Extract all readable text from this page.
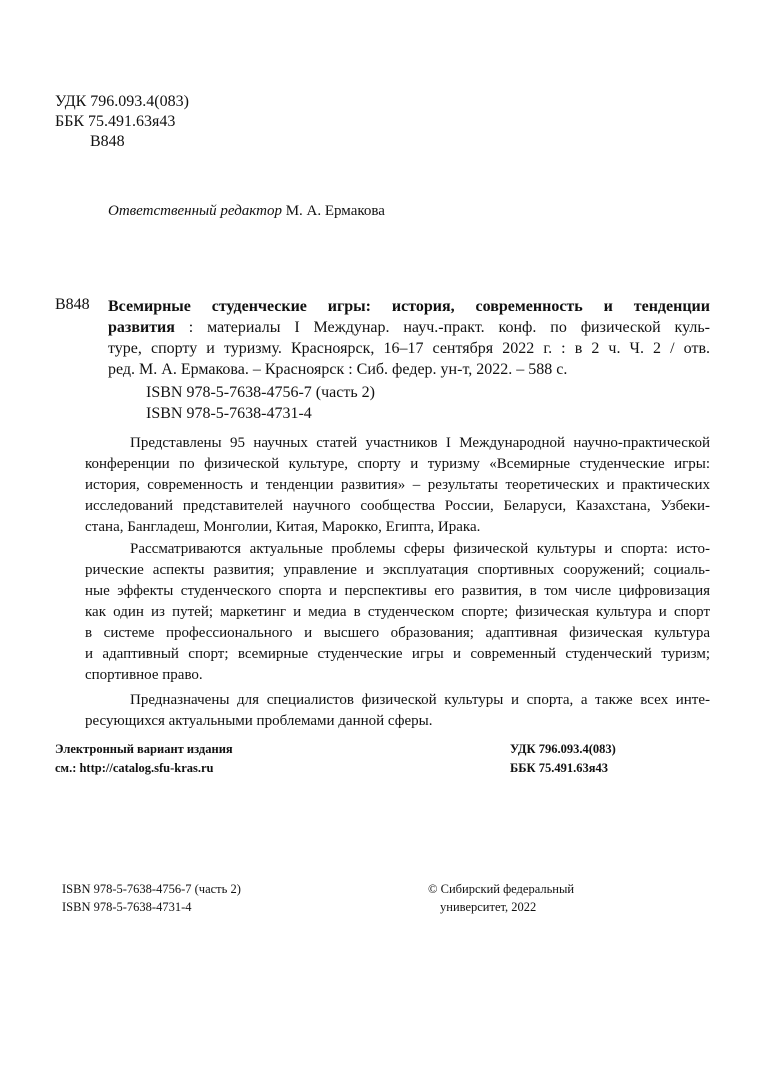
УДК 796.093.4(083)
ББК 75.491.63я43
В848
Ответственный редактор М. А. Ермакова
В848 Всемирные студенческие игры: история, современность и тенденции
развития : материалы I Междунар. науч.-практ. конф. по физической куль-
туре, спорту и туризму. Красноярск, 16–17 сентября 2022 г. : в 2 ч. Ч. 2 / отв.
ред. М. А. Ермакова. – Красноярск : Сиб. федер. ун-т, 2022. – 588 с.
ISBN 978-5-7638-4756-7 (часть 2)
ISBN 978-5-7638-4731-4
Представлены 95 научных статей участников I Международной научно-практической
конференции по физической культуре, спорту и туризму «Всемирные студенческие игры:
история, современность и тенденции развития» – результаты теоретических и практических
исследований представителей научного сообщества России, Беларуси, Казахстана, Узбеки-
стана, Бангладеш, Монголии, Китая, Марокко, Египта, Ирака.
Рассматриваются актуальные проблемы сферы физической культуры и спорта: исто-
рические аспекты развития; управление и эксплуатация спортивных сооружений; социаль-
ные эффекты студенческого спорта и перспективы его развития, в том числе цифровизация
как один из путей; маркетинг и медиа в студенческом спорте; физическая культура и спорт
в системе профессионального и высшего образования; адаптивная физическая культура
и адаптивный спорт; всемирные студенческие игры и современный студенческий туризм;
спортивное право.
Предназначены для специалистов физической культуры и спорта, а также всех инте-
ресующихся актуальными проблемами данной сферы.
Электронный вариант издания
см.: http://catalog.sfu-kras.ru
УДК 796.093.4(083)
ББК 75.491.63я43
ISBN 978-5-7638-4756-7 (часть 2)
ISBN 978-5-7638-4731-4
© Сибирский федеральный
университет, 2022
